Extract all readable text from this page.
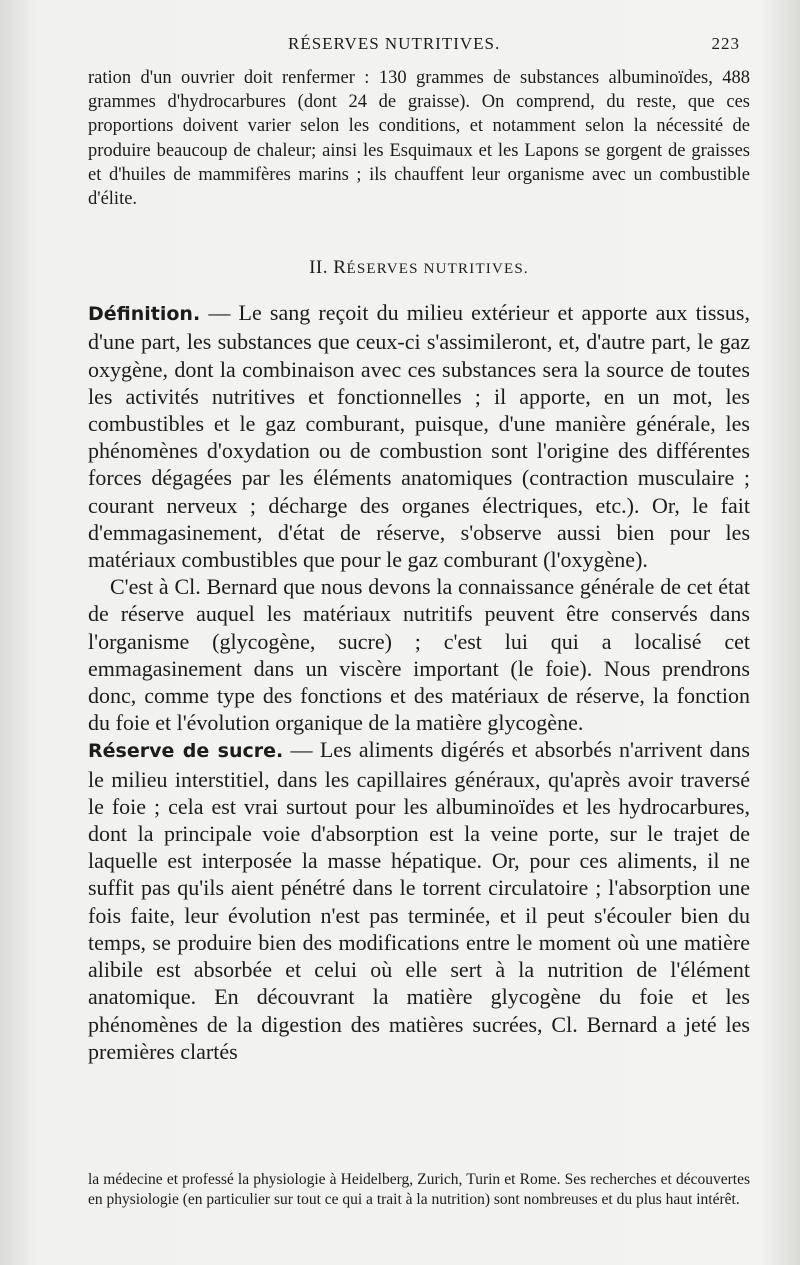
RÉSERVES NUTRITIVES.	223

ration d'un ouvrier doit renfermer : 130 grammes de substances albuminoïdes, 488 grammes d'hydrocarbures (dont 24 de graisse). On comprend, du reste, que ces proportions doivent varier selon les conditions, et notamment selon la nécessité de produire beaucoup de chaleur; ainsi les Esquimaux et les Lapons se gorgent de graisses et d'huiles de mammifères marins ; ils chauffent leur organisme avec un combustible d'élite.

II. RÉSERVES NUTRITIVES.

Définition. — Le sang reçoit du milieu extérieur et apporte aux tissus, d'une part, les substances que ceux-ci s'assimileront, et, d'autre part, le gaz oxygène, dont la combinaison avec ces substances sera la source de toutes les activités nutritives et fonctionnelles ; il apporte, en un mot, les combustibles et le gaz comburant, puisque, d'une manière générale, les phénomènes d'oxydation ou de combustion sont l'origine des différentes forces dégagées par les éléments anatomiques (contraction musculaire ; courant nerveux ; décharge des organes électriques, etc.). Or, le fait d'emmagasinement, d'état de réserve, s'observe aussi bien pour les matériaux combustibles que pour le gaz comburant (l'oxygène).

C'est à Cl. Bernard que nous devons la connaissance générale de cet état de réserve auquel les matériaux nutritifs peuvent être conservés dans l'organisme (glycogène, sucre) ; c'est lui qui a localisé cet emmagasinement dans un viscère important (le foie). Nous prendrons donc, comme type des fonctions et des matériaux de réserve, la fonction du foie et l'évolution organique de la matière glycogène.

Réserve de sucre. — Les aliments digérés et absorbés n'arrivent dans le milieu interstitiel, dans les capillaires généraux, qu'après avoir traversé le foie ; cela est vrai surtout pour les albuminoïdes et les hydrocarbures, dont la principale voie d'absorption est la veine porte, sur le trajet de laquelle est interposée la masse hépatique. Or, pour ces aliments, il ne suffit pas qu'ils aient pénétré dans le torrent circulatoire ; l'absorption une fois faite, leur évolution n'est pas terminée, et il peut s'écouler bien du temps, se produire bien des modifications entre le moment où une matière alibile est absorbée et celui où elle sert à la nutrition de l'élément anatomique. En découvrant la matière glycogène du foie et les phénomènes de la digestion des matières sucrées, Cl. Bernard a jeté les premières clartés

la médecine et professé la physiologie à Heidelberg, Zurich, Turin et Rome. Ses recherches et découvertes en physiologie (en particulier sur tout ce qui a trait à la nutrition) sont nombreuses et du plus haut intérêt.
